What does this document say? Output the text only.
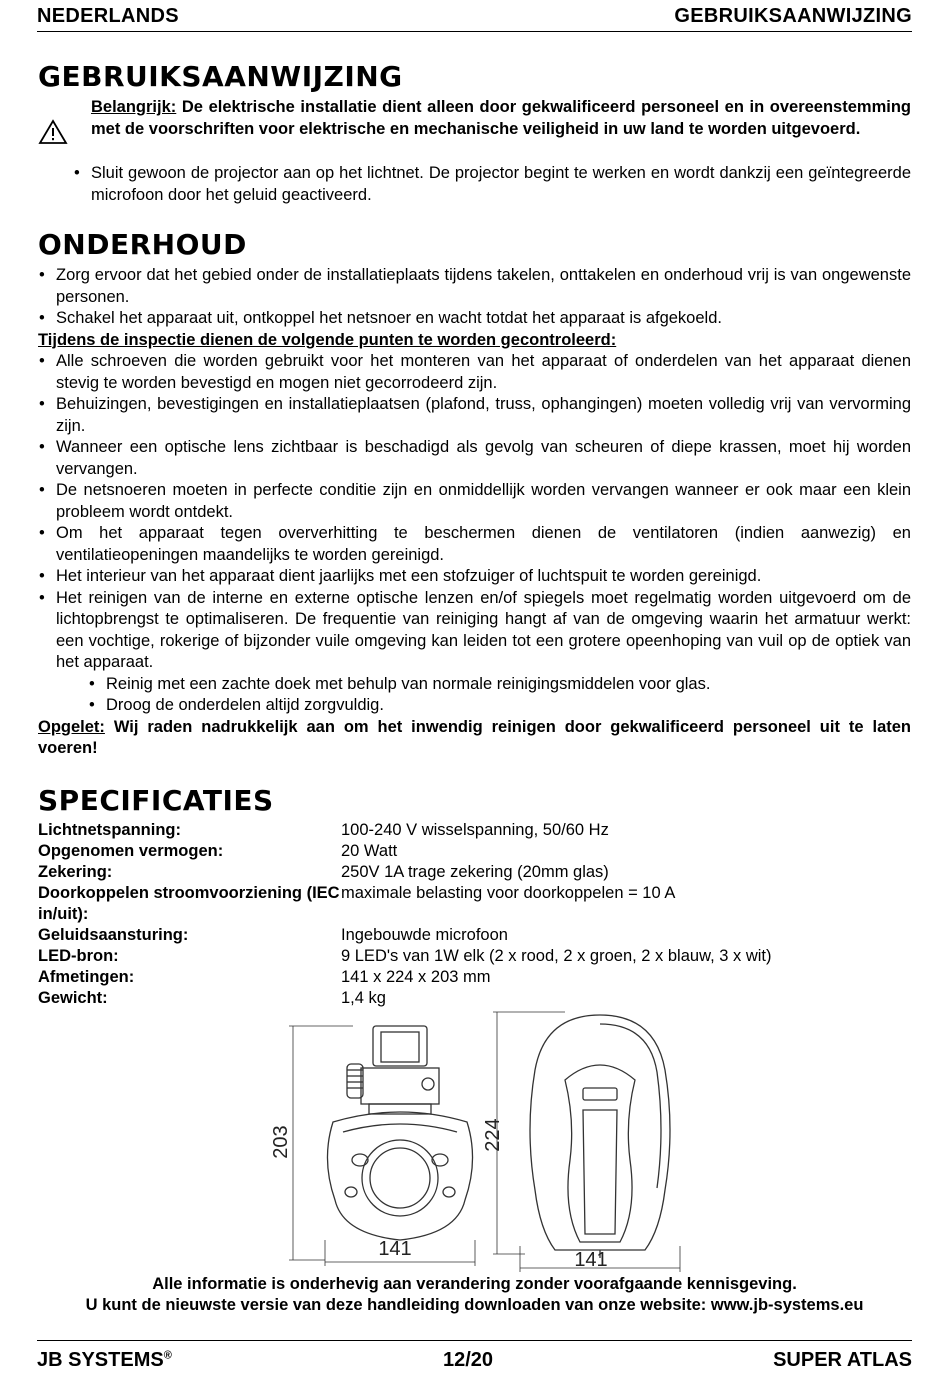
NEDERLANDS	GEBRUIKSAANWIJZING
GEBRUIKSAANWIJZING
Belangrijk: De elektrische installatie dient alleen door gekwalificeerd personeel en in overeenstemming met de voorschriften voor elektrische en mechanische veiligheid in uw land te worden uitgevoerd.
• Sluit gewoon de projector aan op het lichtnet. De projector begint te werken en wordt dankzij een geïntegreerde microfoon door het geluid geactiveerd.
ONDERHOUD
• Zorg ervoor dat het gebied onder de installatieplaats tijdens takelen, onttakelen en onderhoud vrij is van ongewenste personen.
• Schakel het apparaat uit, ontkoppel het netsnoer en wacht totdat het apparaat is afgekoeld.
Tijdens de inspectie dienen de volgende punten te worden gecontroleerd:
• Alle schroeven die worden gebruikt voor het monteren van het apparaat of onderdelen van het apparaat dienen stevig te worden bevestigd en mogen niet gecorrodeerd zijn.
• Behuizingen, bevestigingen en installatieplaatsen (plafond, truss, ophangingen) moeten volledig vrij van vervorming zijn.
• Wanneer een optische lens zichtbaar is beschadigd als gevolg van scheuren of diepe krassen, moet hij worden vervangen.
• De netsnoeren moeten in perfecte conditie zijn en onmiddellijk worden vervangen wanneer er ook maar een klein probleem wordt ontdekt.
• Om het apparaat tegen oververhitting te beschermen dienen de ventilatoren (indien aanwezig) en ventilatieopeningen maandelijks te worden gereinigd.
• Het interieur van het apparaat dient jaarlijks met een stofzuiger of luchtspuit te worden gereinigd.
• Het reinigen van de interne en externe optische lenzen en/of spiegels moet regelmatig worden uitgevoerd om de lichtopbrengst te optimaliseren. De frequentie van reiniging hangt af van de omgeving waarin het armatuur werkt: een vochtige, rokerige of bijzonder vuile omgeving kan leiden tot een grotere opeenhoping van vuil op de optiek van het apparaat.
• Reinig met een zachte doek met behulp van normale reinigingsmiddelen voor glas.
• Droog de onderdelen altijd zorgvuldig.
Opgelet: Wij raden nadrukkelijk aan om het inwendig reinigen door gekwalificeerd personeel uit te laten voeren!
SPECIFICATIES
Lichtnetspanning:	100-240 V wisselspanning, 50/60 Hz
Opgenomen vermogen:	20 Watt
Zekering:	250V 1A trage zekering (20mm glas)
Doorkoppelen stroomvoorziening (IEC in/uit):
maximale belasting voor doorkoppelen = 10 A
Geluidsaansturing:	Ingebouwde microfoon
LED-bron:	9 LED's van 1W elk (2 x rood, 2 x groen, 2 x blauw, 3 x wit)
Afmetingen:	141 x 224 x 203 mm
Gewicht:	1,4 kg
203
141
224
141
Alle informatie is onderhevig aan verandering zonder voorafgaande kennisgeving.
U kunt de nieuwste versie van deze handleiding downloaden van onze website: www.jb-systems.eu
JB SYSTEMS®	12/20	SUPER ATLAS
